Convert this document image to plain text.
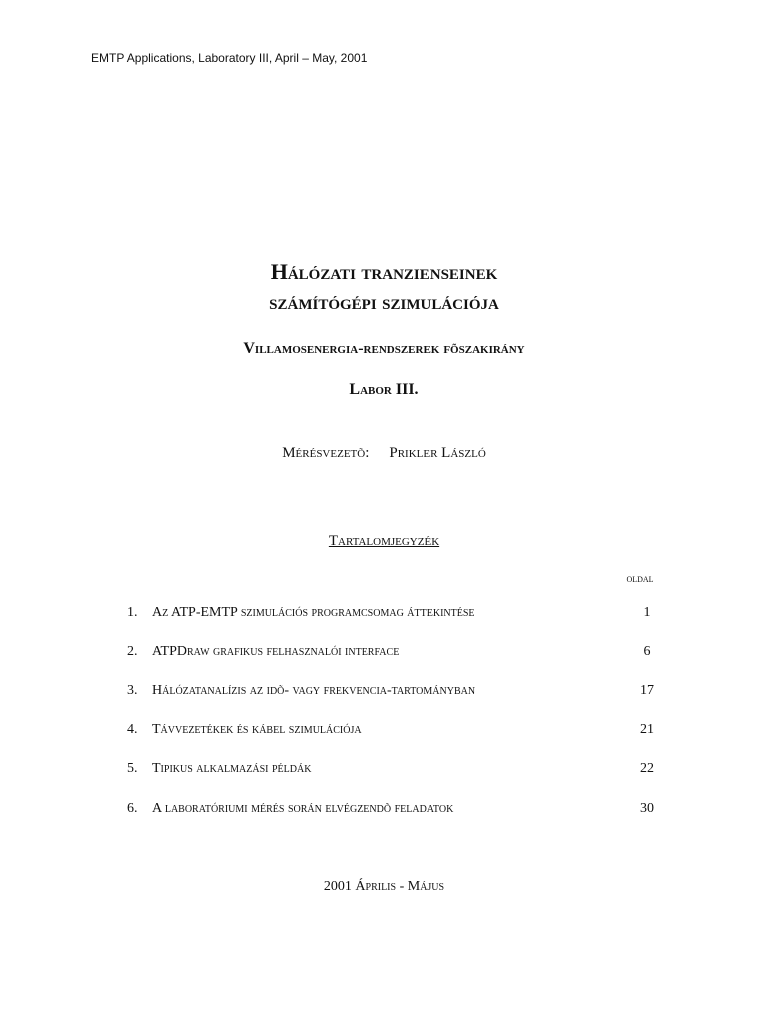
EMTP Applications, Laboratory III, April – May, 2001
Hálózati tranzienseinek
számítógépi szimulációja
Villamosenergia-rendszerek fõszakirány
Labor III.
Mérésvezetõ: Prikler László
Tartalomjegyzék
oldal
1.	Az ATP-EMTP szimulációs programcsomag áttekintése	1
2.	ATPDraw grafikus felhasznalói interface	6
3.	Hálózatanalízis az idõ- vagy frekvencia-tartományban	17
4.	Távvezetékek és kábel szimulációja	21
5.	Tipikus alkalmazási példák	22
6.	A laboratóriumi mérés során elvégzendõ feladatok	30
2001 Április - Május
